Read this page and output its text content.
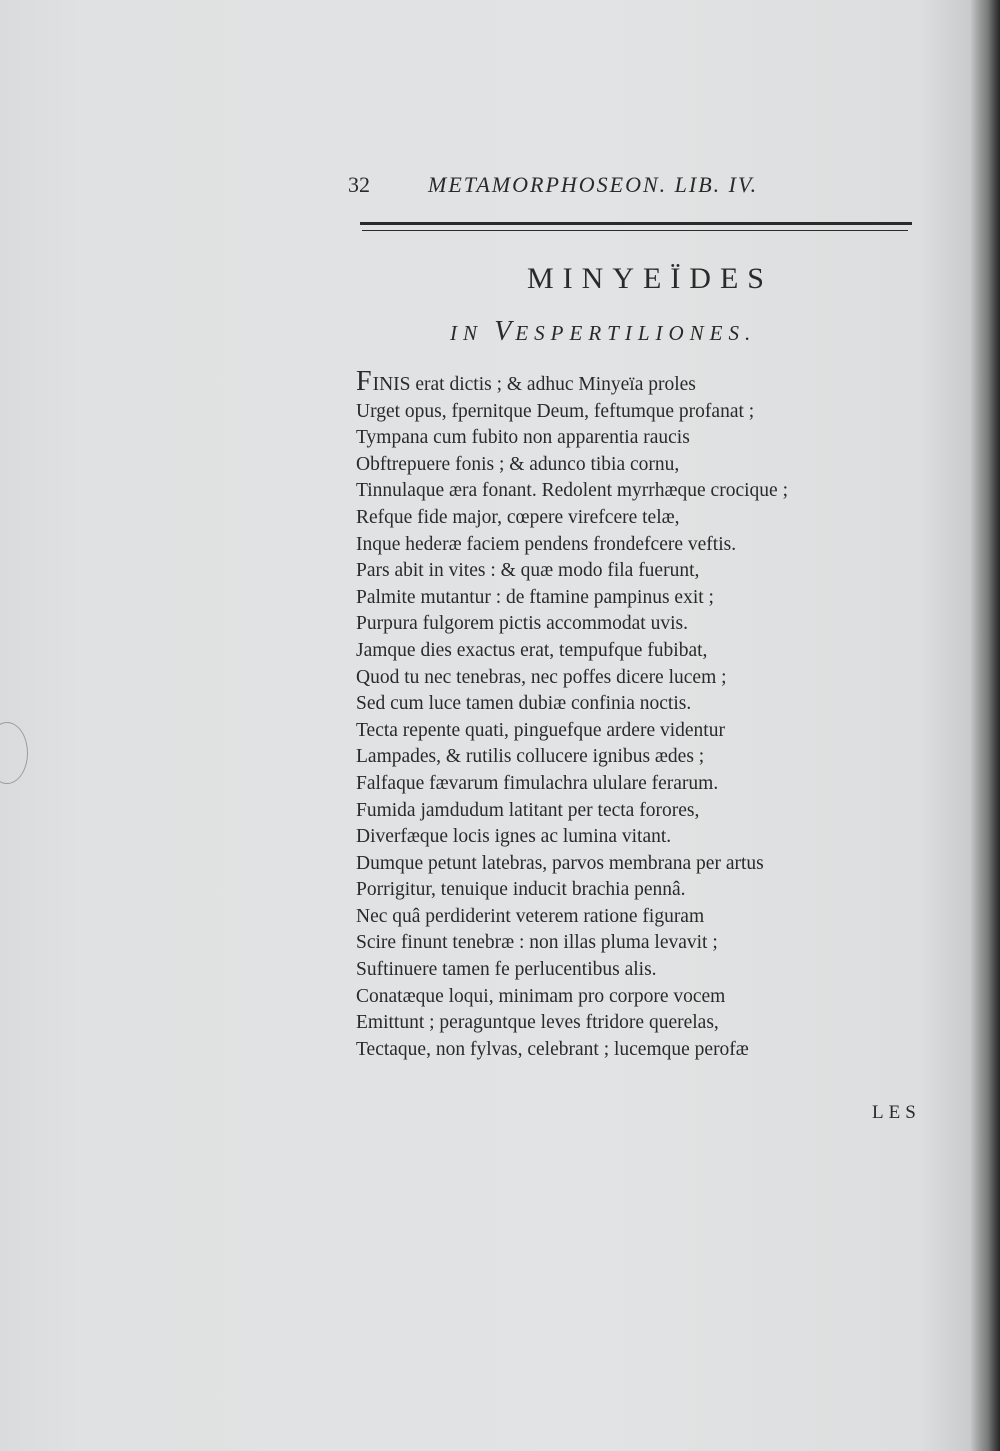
32	METAMORPHOSEON. LIB. IV.
MINYEÏDES
IN VESPERTILIONES.
FINIS erat dictis ; & adhuc Minyeïa proles
Urget opus, fpernitque Deum, feftumque profanat ;
Tympana cum fubito non apparentia raucis
Obftrepuere fonis ; & adunco tibia cornu,
Tinnulaque æra fonant. Redolent myrrhæque crocique ;
Refque fide major, cœpere virefcere telæ,
Inque hederæ faciem pendens frondefcere veftis.
Pars abit in vites : & quæ modo fila fuerunt,
Palmite mutantur : de ftamine pampinus exit ;
Purpura fulgorem pictis accommodat uvis.
Jamque dies exactus erat, tempufque fubibat,
Quod tu nec tenebras, nec poffes dicere lucem ;
Sed cum luce tamen dubiæ confinia noctis.
Tecta repente quati, pinguefque ardere videntur
Lampades, & rutilis collucere ignibus ædes ;
Falfaque fævarum fimulachra ululare ferarum.
Fumida jamdudum latitant per tecta forores,
Diverfæque locis ignes ac lumina vitant.
Dumque petunt latebras, parvos membrana per artus
Porrigitur, tenuique inducit brachia pennâ.
Nec quâ perdiderint veterem ratione figuram
Scire finunt tenebræ : non illas pluma levavit ;
Suftinuere tamen fe perlucentibus alis.
Conatæque loqui, minimam pro corpore vocem
Emittunt ; peraguntque leves ftridore querelas,
Tectaque, non fylvas, celebrant ; lucemque perofæ
LES
